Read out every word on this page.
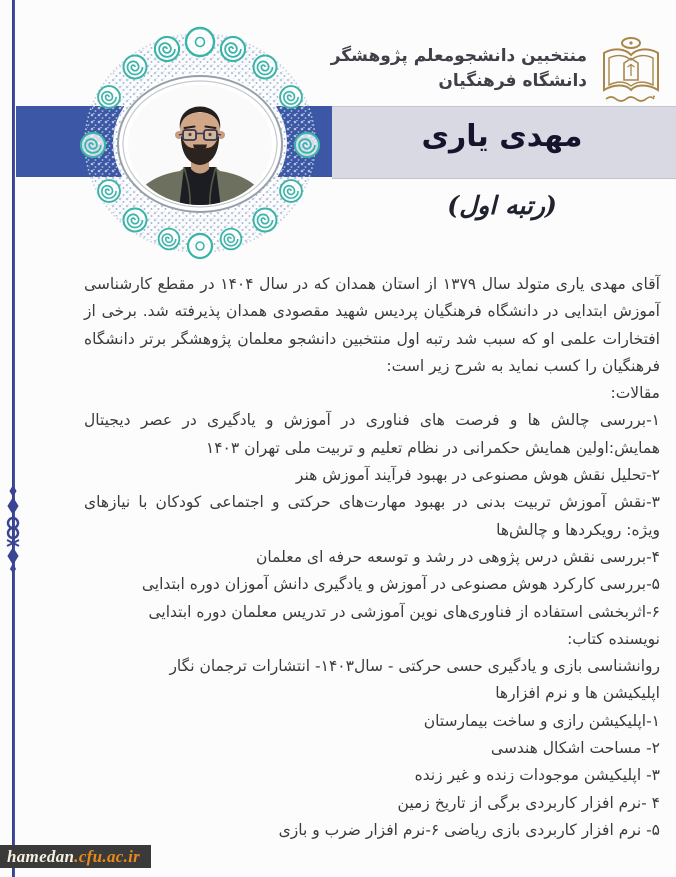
منتخبین دانشجومعلم پژوهشگر
دانشگاه فرهنگیان
مهدی یاری
(رتبه اول)

آقای مهدی یاری متولد سال ۱۳۷۹ از استان همدان که در سال ۱۴۰۴ در مقطع کارشناسی آموزش ابتدایی در دانشگاه فرهنگیان پردیس شهید مقصودی همدان پذیرفته شد. برخی از افتخارات علمی او که سبب شد رتبه اول منتخبین دانشجو معلمان پژوهشگر برتر دانشگاه فرهنگیان را کسب نماید به شرح زیر است:

مقالات:
۱-بررسی چالش ها و فرصت های فناوری در آموزش و یادگیری در عصر دیجیتال همایش:اولین همایش حکمرانی در نظام تعلیم و تربیت ملی تهران ۱۴۰۳
۲-تحلیل نقش هوش مصنوعی در بهبود فرآیند آموزش هنر
۳-نقش آموزش تربیت بدنی در بهبود مهارت‌های حرکتی و اجتماعی کودکان با نیازهای ویژه: رویکردها و چالش‌ها
۴-بررسی نقش درس پژوهی در رشد و توسعه حرفه ای معلمان
۵-بررسی کارکرد هوش مصنوعی در آموزش و یادگیری دانش آموزان دوره ابتدایی
۶-اثربخشی استفاده از فناوری‌های نوین آموزشی در تدریس معلمان دوره ابتدایی
نویسنده کتاب:
روانشناسی بازی و یادگیری حسی حرکتی - سال۱۴۰۳- انتشارات ترجمان نگار
اپلیکیشن ها و نرم افزارها
۱-اپلیکیشن رازی و ساخت بیمارستان
۲- مساحت اشکال هندسی
۳- اپلیکیشن موجودات زنده و غیر زنده
۴ -نرم افزار کاربردی برگی از تاریخ زمین
۵- نرم افزار کاربردی بازی ریاضی ۶-نرم افزار ضرب و بازی
hamedan .cfu.ac.ir
